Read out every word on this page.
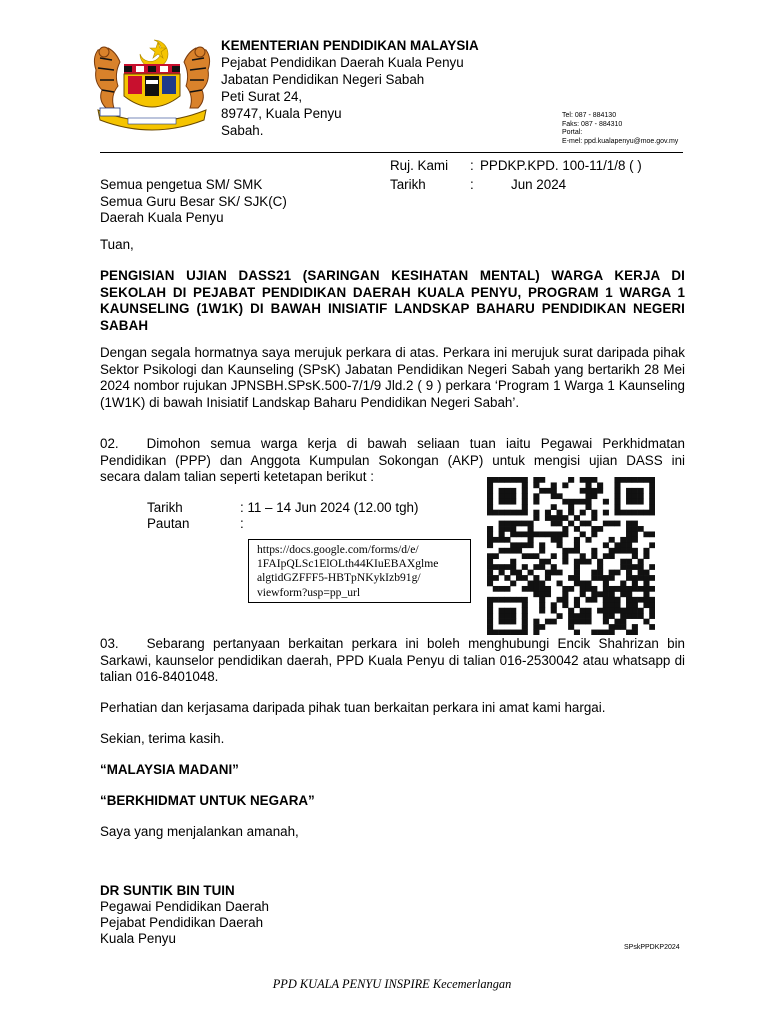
KEMENTERIAN PENDIDIKAN MALAYSIA
Pejabat Pendidikan Daerah Kuala Penyu
Jabatan Pendidikan Negeri Sabah
Peti Surat 24,
89747, Kuala Penyu
Sabah.
Tel: 087 - 884130
Faks: 087 - 884310
Portal:
E-mel: ppd.kualapenyu@moe.gov.my
Ruj. Kami : PPDKP.KPD. 100-11/1/8 ( )
Tarikh	:	Jun 2024
Semua pengetua SM/ SMK
Semua Guru Besar SK/ SJK(C)
Daerah Kuala Penyu
Tuan,
PENGISIAN UJIAN DASS21 (SARINGAN KESIHATAN MENTAL) WARGA KERJA DI SEKOLAH DI PEJABAT PENDIDIKAN DAERAH KUALA PENYU, PROGRAM 1 WARGA 1 KAUNSELING (1W1K) DI BAWAH INISIATIF LANDSKAP BAHARU PENDIDIKAN NEGERI SABAH
Dengan segala hormatnya saya merujuk perkara di atas. Perkara ini merujuk surat daripada pihak Sektor Psikologi dan Kaunseling (SPsK) Jabatan Pendidikan Negeri Sabah yang bertarikh 28 Mei 2024 nombor rujukan JPNSBH.SPsK.500-7/1/9 Jld.2 ( 9 ) perkara ‘Program 1 Warga 1 Kaunseling (1W1K) di bawah Inisiatif Landskap Baharu Pendidikan Negeri Sabah’.
02. Dimohon semua warga kerja di bawah seliaan tuan iaitu Pegawai Perkhidmatan
Pendidikan (PPP) dan Anggota Kumpulan Sokongan (AKP) untuk mengisi ujian DASS ini
secara dalam talian seperti ketetapan berikut :
Tarikh	: 11 – 14 Jun 2024 (12.00 tgh)
Pautan	:
https://docs.google.com/forms/d/e/
1FAIpQLSc1ElOLth44KIuEBAXglme
algtidGZFFF5-HBTpNKykIzb91g/
viewform?usp=pp_url
03. Sebarang pertanyaan berkaitan perkara ini boleh menghubungi Encik Shahrizan bin Sarkawi, kaunselor pendidikan daerah, PPD Kuala Penyu di talian 016-2530042 atau whatsapp di talian 016-8401048.
Perhatian dan kerjasama daripada pihak tuan berkaitan perkara ini amat kami hargai.
Sekian, terima kasih.
“MALAYSIA MADANI”
“BERKHIDMAT UNTUK NEGARA”
Saya yang menjalankan amanah,
DR SUNTIK BIN TUIN
Pegawai Pendidikan Daerah
Pejabat Pendidikan Daerah
Kuala Penyu
SPskPPDKP2024
PPD KUALA PENYU INSPIRE Kecemerlangan
